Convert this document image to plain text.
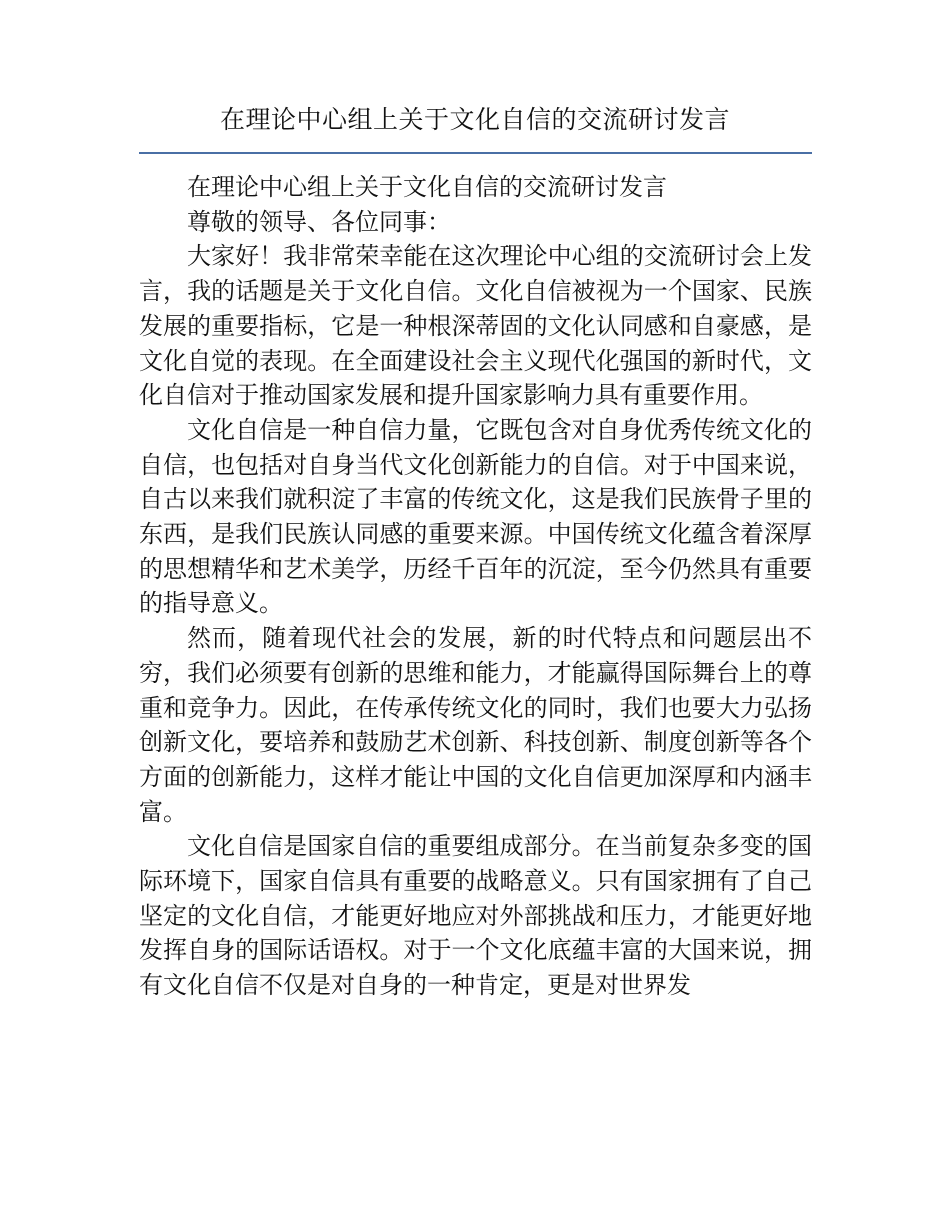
在理论中心组上关于文化自信的交流研讨发言

在理论中心组上关于文化自信的交流研讨发言

尊敬的领导、各位同事：

大家好！我非常荣幸能在这次理论中心组的交流研讨会上发言，我的话题是关于文化自信。文化自信被视为一个国家、民族发展的重要指标，它是一种根深蒂固的文化认同感和自豪感，是文化自觉的表现。在全面建设社会主义现代化强国的新时代，文化自信对于推动国家发展和提升国家影响力具有重要作用。

文化自信是一种自信力量，它既包含对自身优秀传统文化的自信，也包括对自身当代文化创新能力的自信。对于中国来说，自古以来我们就积淀了丰富的传统文化，这是我们民族骨子里的东西，是我们民族认同感的重要来源。中国传统文化蕴含着深厚的思想精华和艺术美学，历经千百年的沉淀，至今仍然具有重要的指导意义。

然而，随着现代社会的发展，新的时代特点和问题层出不穷，我们必须要有创新的思维和能力，才能赢得国际舞台上的尊重和竞争力。因此，在传承传统文化的同时，我们也要大力弘扬创新文化，要培养和鼓励艺术创新、科技创新、制度创新等各个方面的创新能力，这样才能让中国的文化自信更加深厚和内涵丰富。

文化自信是国家自信的重要组成部分。在当前复杂多变的国际环境下，国家自信具有重要的战略意义。只有国家拥有了自己坚定的文化自信，才能更好地应对外部挑战和压力，才能更好地发挥自身的国际话语权。对于一个文化底蕴丰富的大国来说，拥有文化自信不仅是对自身的一种肯定，更是对世界发
